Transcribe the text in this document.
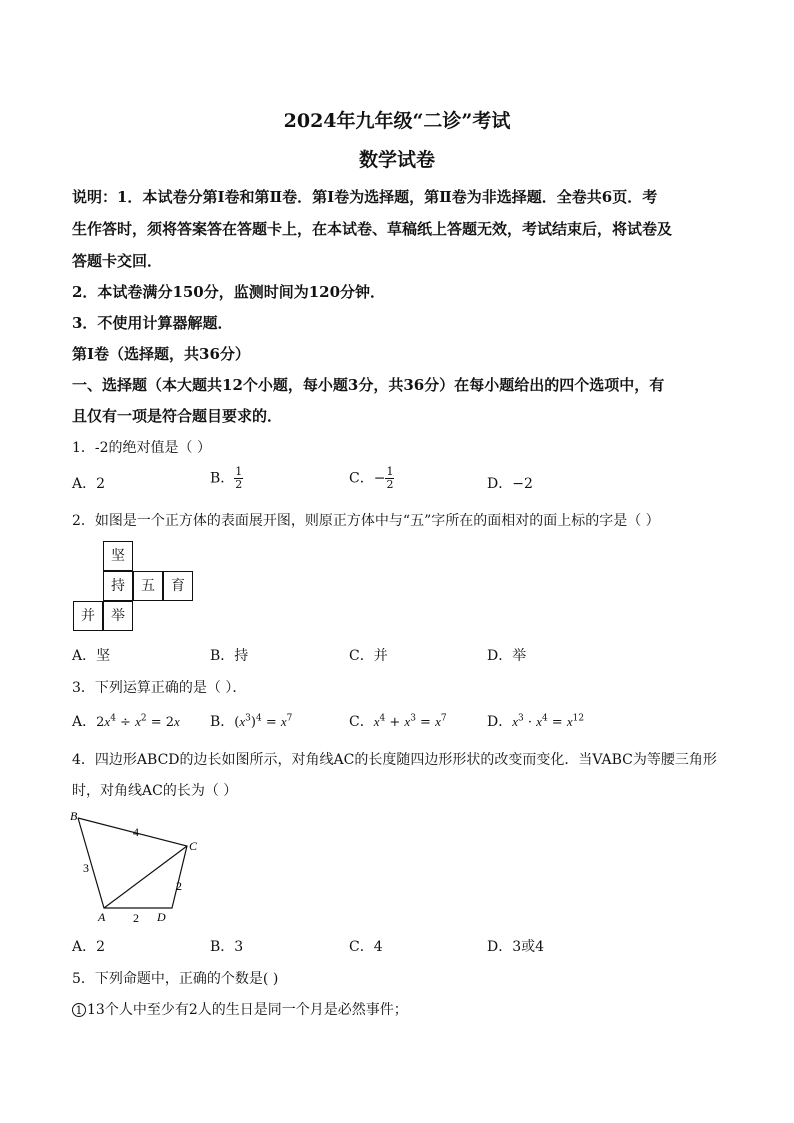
2024年九年级“二诊”考试
数学试卷
说明：1．本试卷分第Ⅰ卷和第Ⅱ卷．第Ⅰ卷为选择题，第Ⅱ卷为非选择题．全卷共6页．考
生作答时，须将答案答在答题卡上，在本试卷、草稿纸上答题无效，考试结束后，将试卷及
答题卡交回．
2．本试卷满分150分，监测时间为120分钟．
3．不使用计算器解题．
第Ⅰ卷（选择题，共36分）
一、选择题（本大题共12个小题，每小题3分，共36分）在每小题给出的四个选项中，有
且仅有一项是符合题目要求的．
1．-2的绝对值是（ ）
A．2	B． $\frac{1}{2}$	C．− $\frac{1}{2}$	D．−2
2．如图是一个正方体的表面展开图，则原正方体中与“五”字所在的面相对的面上标的字是（ ）
坚
持	五	育
并	举
A．坚	B．持	C．并	D．举
3．下列运算正确的是（ ）．
A．$2x^4 \div x^2 = 2x$ B．$(x^3)^4 = x^7$	C．$x^4 + x^3 = x^7$	D．$x^3 \cdot x^4 = x^{12}$
4．四边形ABCD的边长如图所示，对角线AC的长度随四边形形状的改变而变化．当VABC为等腰三角形
时，对角线AC的长为（ ）
B
C
A	D
4
3
2
2
A．2	B．3	C．4	D．3或4
5．下列命题中，正确的个数是( )
1 13个人中至少有2人的生日是同一个月是必然事件；
